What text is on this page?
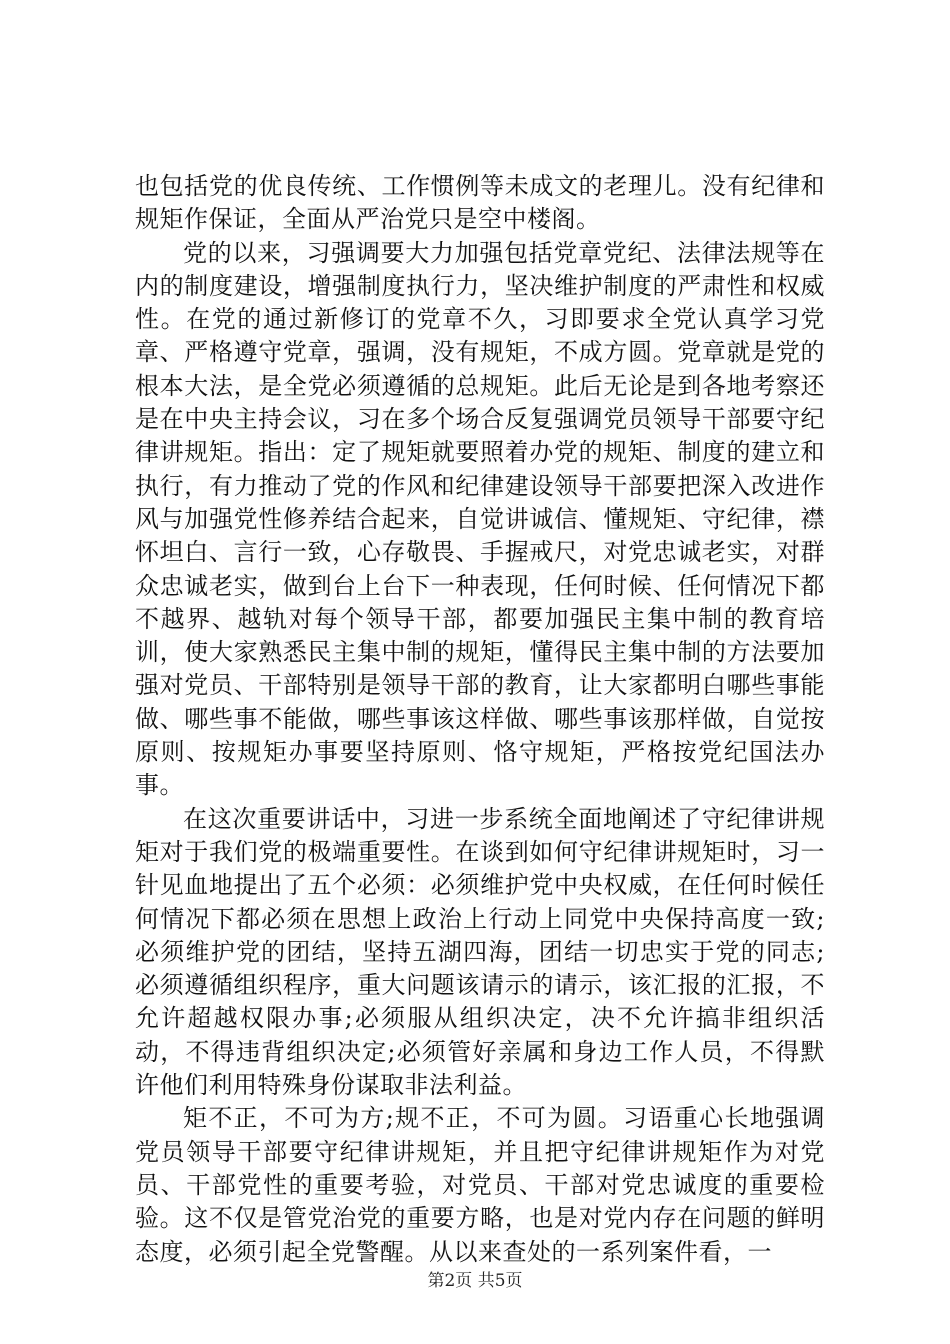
也包括党的优良传统、工作惯例等未成文的老理儿。没有纪律和规矩作保证，全面从严治党只是空中楼阁。

党的以来，习强调要大力加强包括党章党纪、法律法规等在内的制度建设，增强制度执行力，坚决维护制度的严肃性和权威性。在党的通过新修订的党章不久，习即要求全党认真学习党章、严格遵守党章，强调，没有规矩，不成方圆。党章就是党的根本大法，是全党必须遵循的总规矩。此后无论是到各地考察还是在中央主持会议，习在多个场合反复强调党员领导干部要守纪律讲规矩。指出：定了规矩就要照着办党的规矩、制度的建立和执行，有力推动了党的作风和纪律建设领导干部要把深入改进作风与加强党性修养结合起来，自觉讲诚信、懂规矩、守纪律，襟怀坦白、言行一致，心存敬畏、手握戒尺，对党忠诚老实，对群众忠诚老实，做到台上台下一种表现，任何时候、任何情况下都不越界、越轨对每个领导干部，都要加强民主集中制的教育培训，使大家熟悉民主集中制的规矩，懂得民主集中制的方法要加强对党员、干部特别是领导干部的教育，让大家都明白哪些事能做、哪些事不能做，哪些事该这样做、哪些事该那样做，自觉按原则、按规矩办事要坚持原则、恪守规矩，严格按党纪国法办事。

在这次重要讲话中，习进一步系统全面地阐述了守纪律讲规矩对于我们党的极端重要性。在谈到如何守纪律讲规矩时，习一针见血地提出了五个必须：必须维护党中央权威，在任何时候任何情况下都必须在思想上政治上行动上同党中央保持高度一致;必须维护党的团结，坚持五湖四海，团结一切忠实于党的同志;必须遵循组织程序，重大问题该请示的请示，该汇报的汇报，不允许超越权限办事;必须服从组织决定，决不允许搞非组织活动，不得违背组织决定;必须管好亲属和身边工作人员，不得默许他们利用特殊身份谋取非法利益。

矩不正，不可为方;规不正，不可为圆。习语重心长地强调党员领导干部要守纪律讲规矩，并且把守纪律讲规矩作为对党员、干部党性的重要考验，对党员、干部对党忠诚度的重要检验。这不仅是管党治党的重要方略，也是对党内存在问题的鲜明态度，必须引起全党警醒。从以来查处的一系列案件看，一

第2页 共5页
